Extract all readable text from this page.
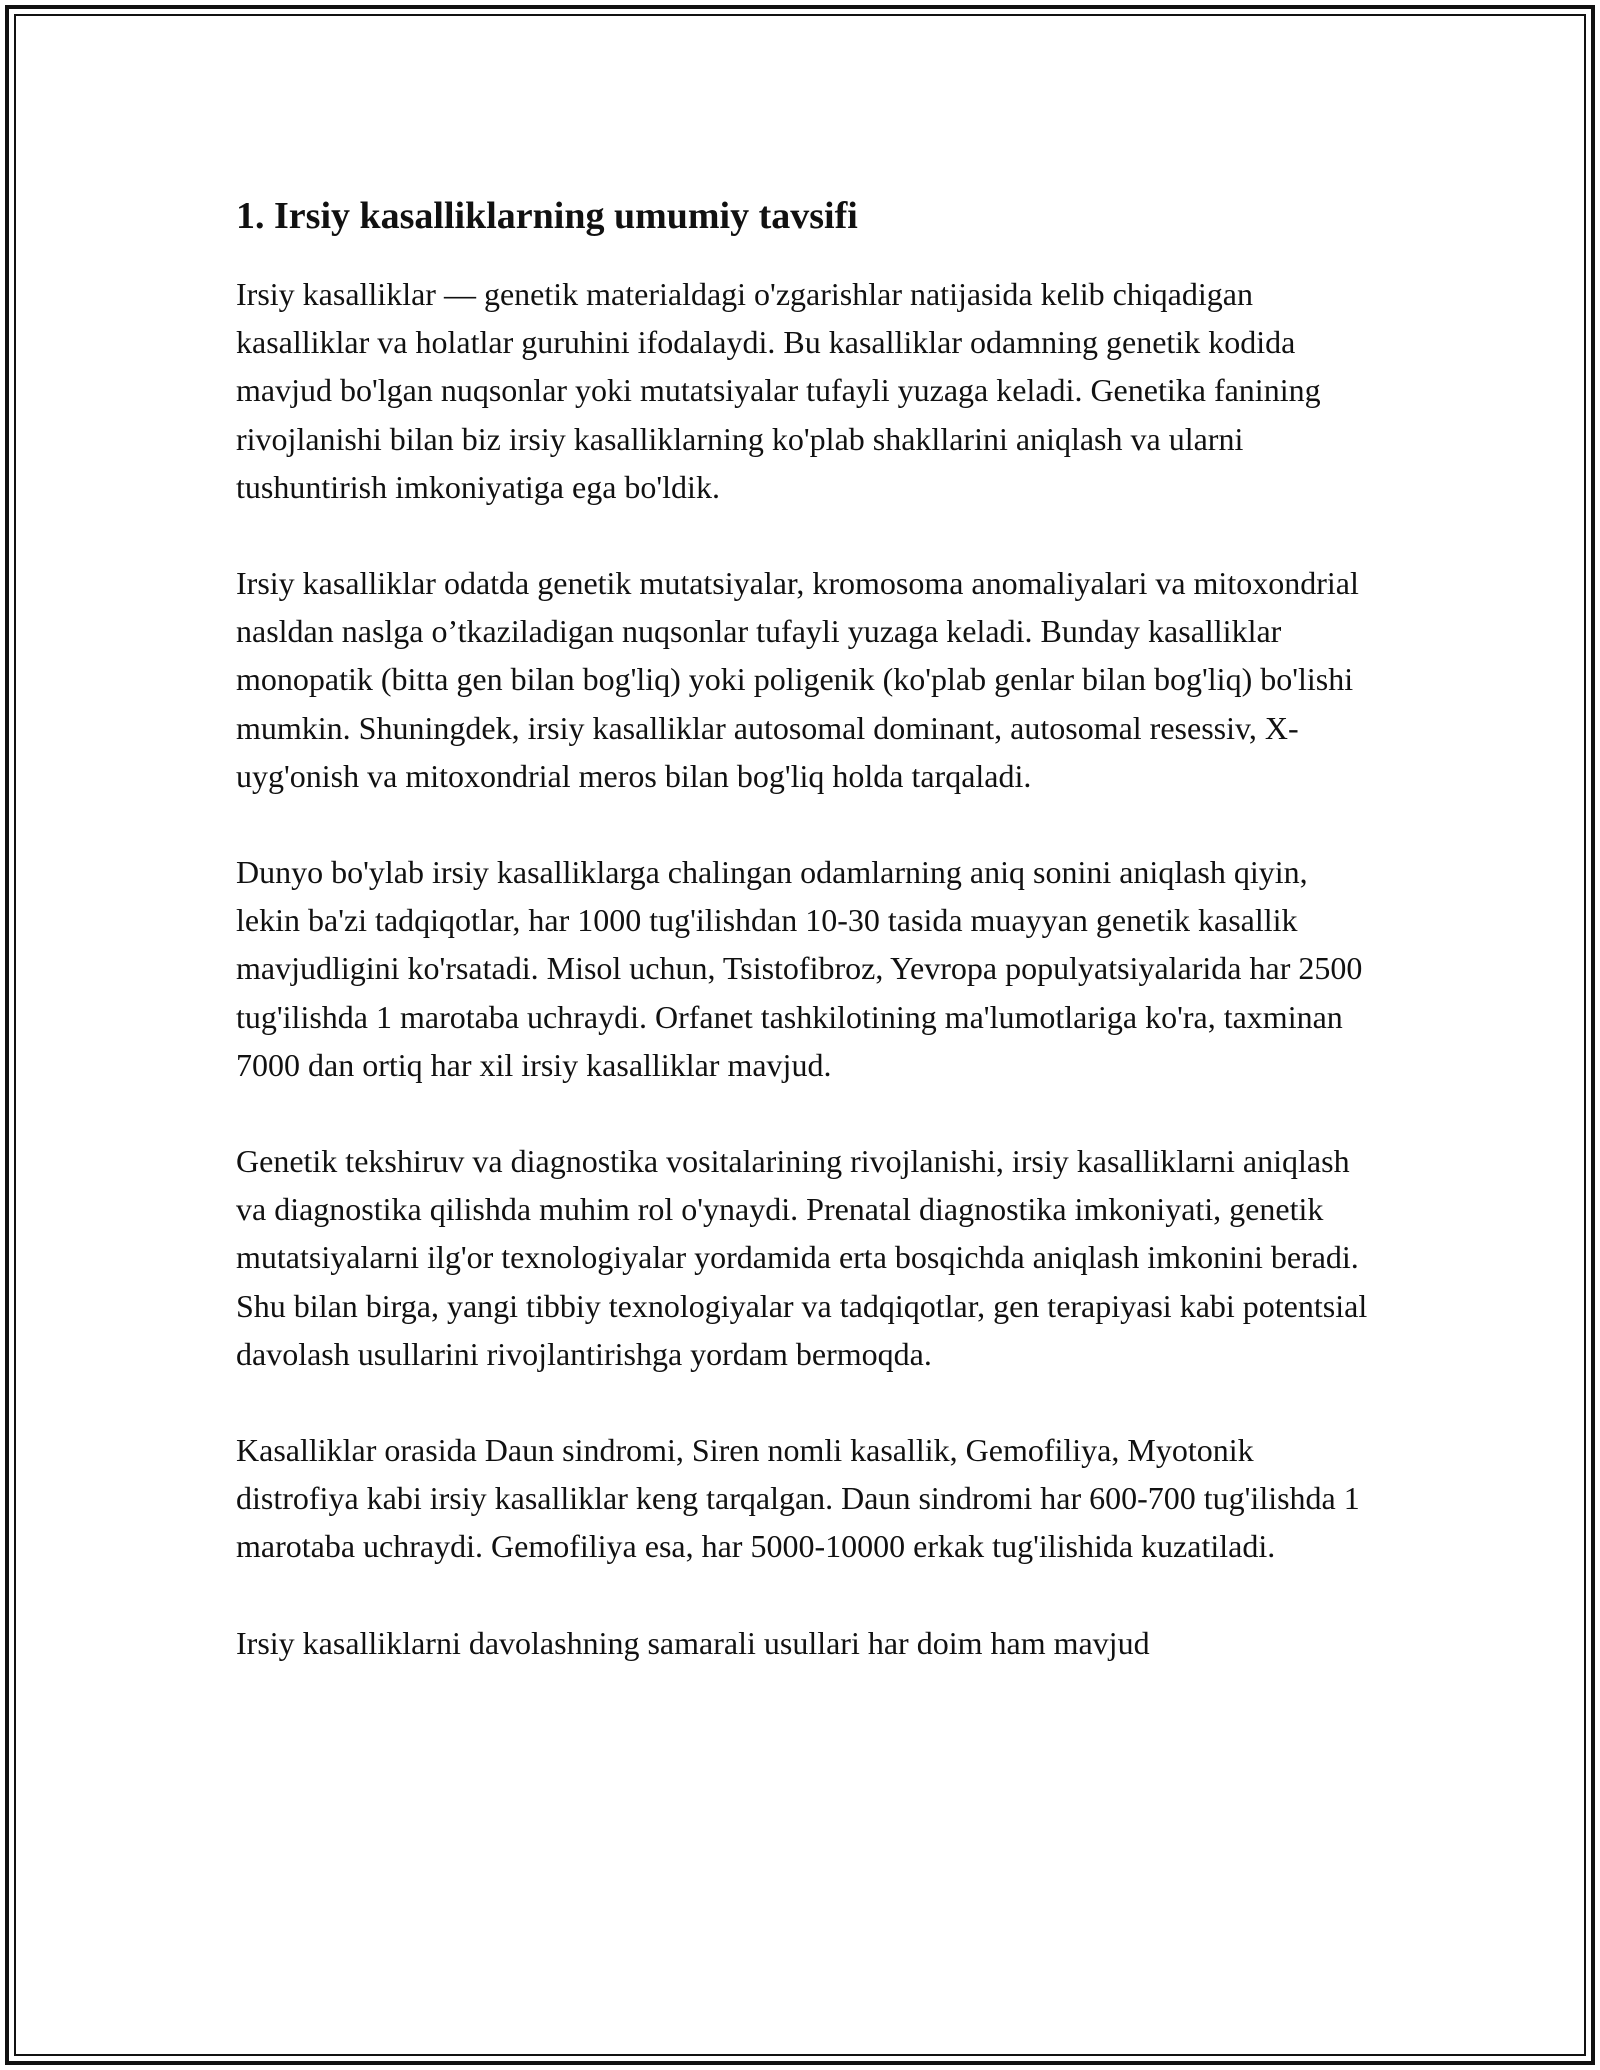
1. Irsiy kasalliklarning umumiy tavsifi

Irsiy kasalliklar — genetik materialdagi o'zgarishlar natijasida kelib chiqadigan kasalliklar va holatlar guruhini ifodalaydi. Bu kasalliklar odamning genetik kodida mavjud bo'lgan nuqsonlar yoki mutatsiyalar tufayli yuzaga keladi. Genetika fanining rivojlanishi bilan biz irsiy kasalliklarning ko'plab shakllarini aniqlash va ularni tushuntirish imkoniyatiga ega bo'ldik.

Irsiy kasalliklar odatda genetik mutatsiyalar, kromosoma anomaliyalari va mitoxondrial nasldan naslga o’tkaziladigan nuqsonlar tufayli yuzaga keladi. Bunday kasalliklar monopatik (bitta gen bilan bog'liq) yoki poligenik (ko'plab genlar bilan bog'liq) bo'lishi mumkin. Shuningdek, irsiy kasalliklar autosomal dominant, autosomal resessiv, X-uyg'onish va mitoxondrial meros bilan bog'liq holda tarqaladi.

Dunyo bo'ylab irsiy kasalliklarga chalingan odamlarning aniq sonini aniqlash qiyin, lekin ba'zi tadqiqotlar, har 1000 tug'ilishdan 10-30 tasida muayyan genetik kasallik mavjudligini ko'rsatadi. Misol uchun, Tsistofibroz, Yevropa populyatsiyalarida har 2500 tug'ilishda 1 marotaba uchraydi. Orfanet tashkilotining ma'lumotlariga ko'ra, taxminan 7000 dan ortiq har xil irsiy kasalliklar mavjud.

Genetik tekshiruv va diagnostika vositalarining rivojlanishi, irsiy kasalliklarni aniqlash va diagnostika qilishda muhim rol o'ynaydi. Prenatal diagnostika imkoniyati, genetik mutatsiyalarni ilg'or texnologiyalar yordamida erta bosqichda aniqlash imkonini beradi. Shu bilan birga, yangi tibbiy texnologiyalar va tadqiqotlar, gen terapiyasi kabi potentsial davolash usullarini rivojlantirishga yordam bermoqda.

Kasalliklar orasida Daun sindromi, Siren nomli kasallik, Gemofiliya, Myotonik distrofiya kabi irsiy kasalliklar keng tarqalgan. Daun sindromi har 600-700 tug'ilishda 1 marotaba uchraydi. Gemofiliya esa, har 5000-10000 erkak tug'ilishida kuzatiladi.

Irsiy kasalliklarni davolashning samarali usullari har doim ham mavjud
